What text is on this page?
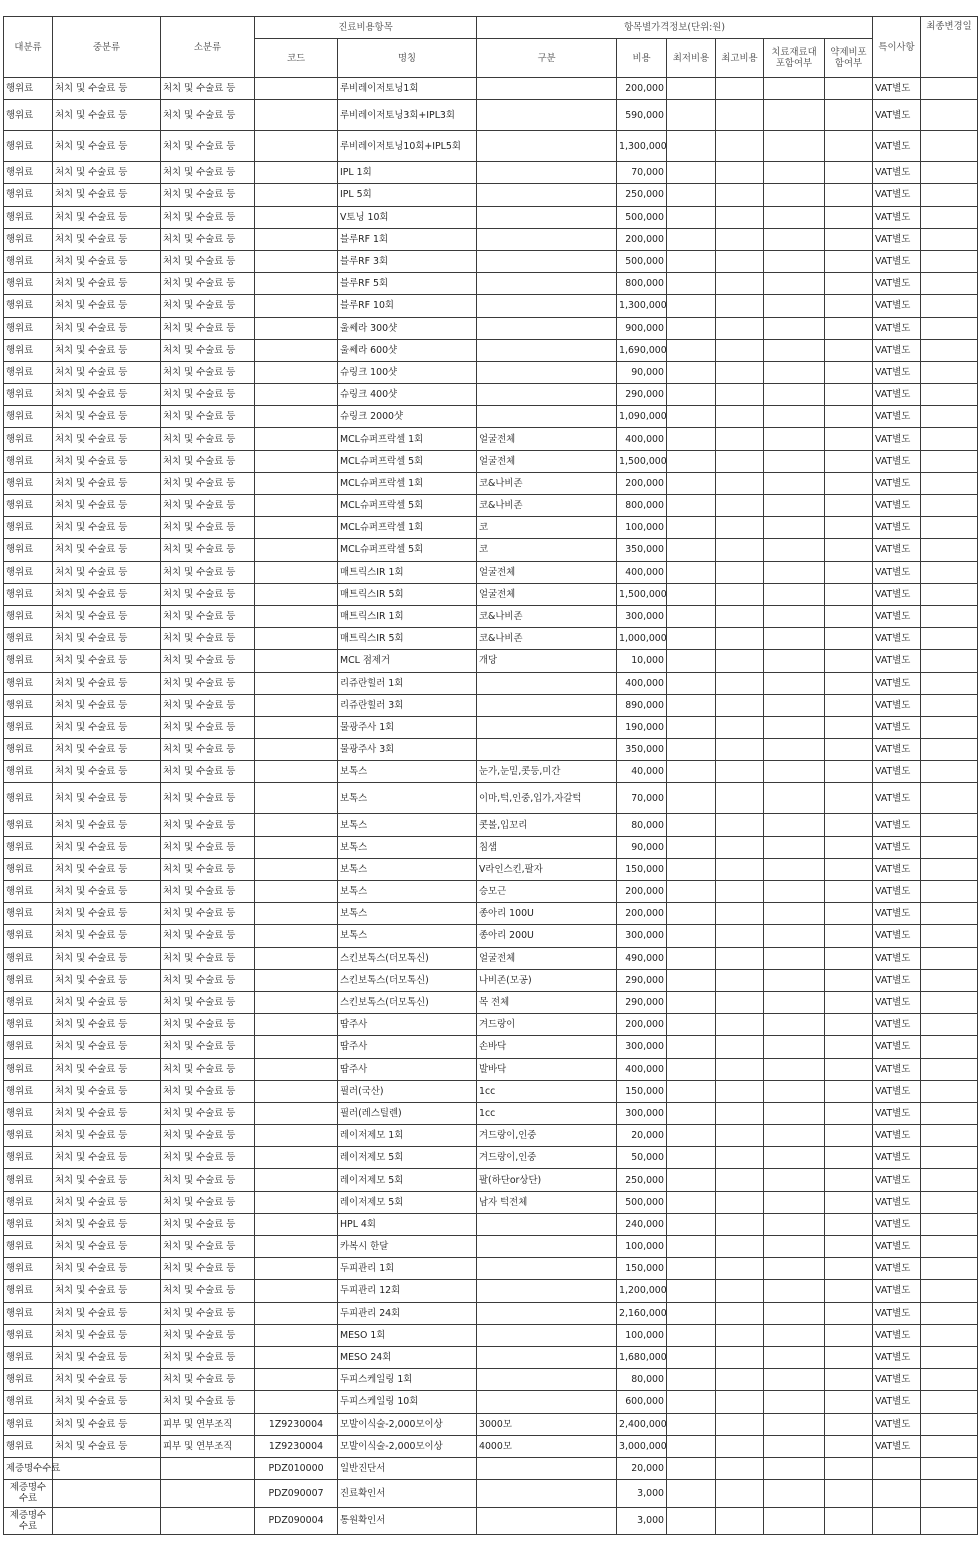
대분류	중분류	소분류	진료비용항목		항목별가격정보(단위:원)						특이사항	최종변경일
			코드	명칭	구분	비용	최저비용	최고비용	치료재료대 포함여부	약제비포 함여부		
행위료	처치 및 수술료 등	처치 및 수술료 등		루비레이저토닝1회		200,000					VAT별도	
행위료	처치 및 수술료 등	처치 및 수술료 등		루비레이저토닝3회+IPL3회		590,000					VAT별도	
행위료	처치 및 수술료 등	처치 및 수술료 등		루비레이저토닝10회+IPL5회		1,300,000					VAT별도	
행위료	처치 및 수술료 등	처치 및 수술료 등		IPL 1회		70,000					VAT별도	
행위료	처치 및 수술료 등	처치 및 수술료 등		IPL 5회		250,000					VAT별도	
행위료	처치 및 수술료 등	처치 및 수술료 등		V토닝 10회		500,000					VAT별도	
행위료	처치 및 수술료 등	처치 및 수술료 등		블루RF 1회		200,000					VAT별도	
행위료	처치 및 수술료 등	처치 및 수술료 등		블루RF 3회		500,000					VAT별도	
행위료	처치 및 수술료 등	처치 및 수술료 등		블루RF 5회		800,000					VAT별도	
행위료	처치 및 수술료 등	처치 및 수술료 등		블루RF 10회		1,300,000					VAT별도	
행위료	처치 및 수술료 등	처치 및 수술료 등		울쎄라 300샷		900,000					VAT별도	
행위료	처치 및 수술료 등	처치 및 수술료 등		울쎄라 600샷		1,690,000					VAT별도	
행위료	처치 및 수술료 등	처치 및 수술료 등		슈링크 100샷		90,000					VAT별도	
행위료	처치 및 수술료 등	처치 및 수술료 등		슈링크 400샷		290,000					VAT별도	
행위료	처치 및 수술료 등	처치 및 수술료 등		슈링크 2000샷		1,090,000					VAT별도	
행위료	처치 및 수술료 등	처치 및 수술료 등		MCL슈퍼프락셀 1회	얼굴전체	400,000					VAT별도	
행위료	처치 및 수술료 등	처치 및 수술료 등		MCL슈퍼프락셀 5회	얼굴전체	1,500,000					VAT별도	
행위료	처치 및 수술료 등	처치 및 수술료 등		MCL슈퍼프락셀 1회	코&나비존	200,000					VAT별도	
행위료	처치 및 수술료 등	처치 및 수술료 등		MCL슈퍼프락셀 5회	코&나비존	800,000					VAT별도	
행위료	처치 및 수술료 등	처치 및 수술료 등		MCL슈퍼프락셀 1회	코	100,000					VAT별도	
행위료	처치 및 수술료 등	처치 및 수술료 등		MCL슈퍼프락셀 5회	코	350,000					VAT별도	
행위료	처치 및 수술료 등	처치 및 수술료 등		매트릭스IR 1회	얼굴전체	400,000					VAT별도	
행위료	처치 및 수술료 등	처치 및 수술료 등		매트릭스IR 5회	얼굴전체	1,500,000					VAT별도	
행위료	처치 및 수술료 등	처치 및 수술료 등		매트릭스IR 1회	코&나비존	300,000					VAT별도	
행위료	처치 및 수술료 등	처치 및 수술료 등		매트릭스IR 5회	코&나비존	1,000,000					VAT별도	
행위료	처치 및 수술료 등	처치 및 수술료 등		MCL 점제거	개당	10,000					VAT별도	
행위료	처치 및 수술료 등	처치 및 수술료 등		리쥬란힐러 1회		400,000					VAT별도	
행위료	처치 및 수술료 등	처치 및 수술료 등		리쥬란힐러 3회		890,000					VAT별도	
행위료	처치 및 수술료 등	처치 및 수술료 등		물광주사 1회		190,000					VAT별도	
행위료	처치 및 수술료 등	처치 및 수술료 등		물광주사 3회		350,000					VAT별도	
행위료	처치 및 수술료 등	처치 및 수술료 등		보톡스	눈가,눈밑,콧등,미간	40,000					VAT별도	
행위료	처치 및 수술료 등	처치 및 수술료 등		보톡스	이마,턱,인중,입가,자갈턱	70,000					VAT별도	
행위료	처치 및 수술료 등	처치 및 수술료 등		보톡스	콧볼,입꼬리	80,000					VAT별도	
행위료	처치 및 수술료 등	처치 및 수술료 등		보톡스	침샘	90,000					VAT별도	
행위료	처치 및 수술료 등	처치 및 수술료 등		보톡스	V라인스킨,팔자	150,000					VAT별도	
행위료	처치 및 수술료 등	처치 및 수술료 등		보톡스	승모근	200,000					VAT별도	
행위료	처치 및 수술료 등	처치 및 수술료 등		보톡스	종아리 100U	200,000					VAT별도	
행위료	처치 및 수술료 등	처치 및 수술료 등		보톡스	종아리 200U	300,000					VAT별도	
행위료	처치 및 수술료 등	처치 및 수술료 등		스킨보톡스(더모톡신)	얼굴전체	490,000					VAT별도	
행위료	처치 및 수술료 등	처치 및 수술료 등		스킨보톡스(더모톡신)	나비존(모공)	290,000					VAT별도	
행위료	처치 및 수술료 등	처치 및 수술료 등		스킨보톡스(더모톡신)	목 전체	290,000					VAT별도	
행위료	처치 및 수술료 등	처치 및 수술료 등		땀주사	겨드랑이	200,000					VAT별도	
행위료	처치 및 수술료 등	처치 및 수술료 등		땀주사	손바닥	300,000					VAT별도	
행위료	처치 및 수술료 등	처치 및 수술료 등		땀주사	발바닥	400,000					VAT별도	
행위료	처치 및 수술료 등	처치 및 수술료 등		필러(국산)	1cc	150,000					VAT별도	
행위료	처치 및 수술료 등	처치 및 수술료 등		필러(레스틸렌)	1cc	300,000					VAT별도	
행위료	처치 및 수술료 등	처치 및 수술료 등		레이저제모 1회	겨드랑이,인중	20,000					VAT별도	
행위료	처치 및 수술료 등	처치 및 수술료 등		레이저제모 5회	겨드랑이,인중	50,000					VAT별도	
행위료	처치 및 수술료 등	처치 및 수술료 등		레이저제모 5회	팔(하단or상단)	250,000					VAT별도	
행위료	처치 및 수술료 등	처치 및 수술료 등		레이저제모 5회	남자 턱전체	500,000					VAT별도	
행위료	처치 및 수술료 등	처치 및 수술료 등		HPL 4회		240,000					VAT별도	
행위료	처치 및 수술료 등	처치 및 수술료 등		카복시 한달		100,000					VAT별도	
행위료	처치 및 수술료 등	처치 및 수술료 등		두피관리 1회		150,000					VAT별도	
행위료	처치 및 수술료 등	처치 및 수술료 등		두피관리 12회		1,200,000					VAT별도	
행위료	처치 및 수술료 등	처치 및 수술료 등		두피관리 24회		2,160,000					VAT별도	
행위료	처치 및 수술료 등	처치 및 수술료 등		MESO 1회		100,000					VAT별도	
행위료	처치 및 수술료 등	처치 및 수술료 등		MESO 24회		1,680,000					VAT별도	
행위료	처치 및 수술료 등	처치 및 수술료 등		두피스케일링 1회		80,000					VAT별도	
행위료	처치 및 수술료 등	처치 및 수술료 등		두피스케일링 10회		600,000					VAT별도	
행위료	처치 및 수술료 등	피부 및 연부조직	1Z9230004	모발이식술-2,000모이상	3000모	2,400,000					VAT별도	
행위료	처치 및 수술료 등	피부 및 연부조직	1Z9230004	모발이식술-2,000모이상	4000모	3,000,000					VAT별도	
제증명수수료			PDZ010000	일반진단서		20,000						
제증명수수료			PDZ090007	진료확인서		3,000						
제증명수수료			PDZ090004	통원확인서		3,000						
